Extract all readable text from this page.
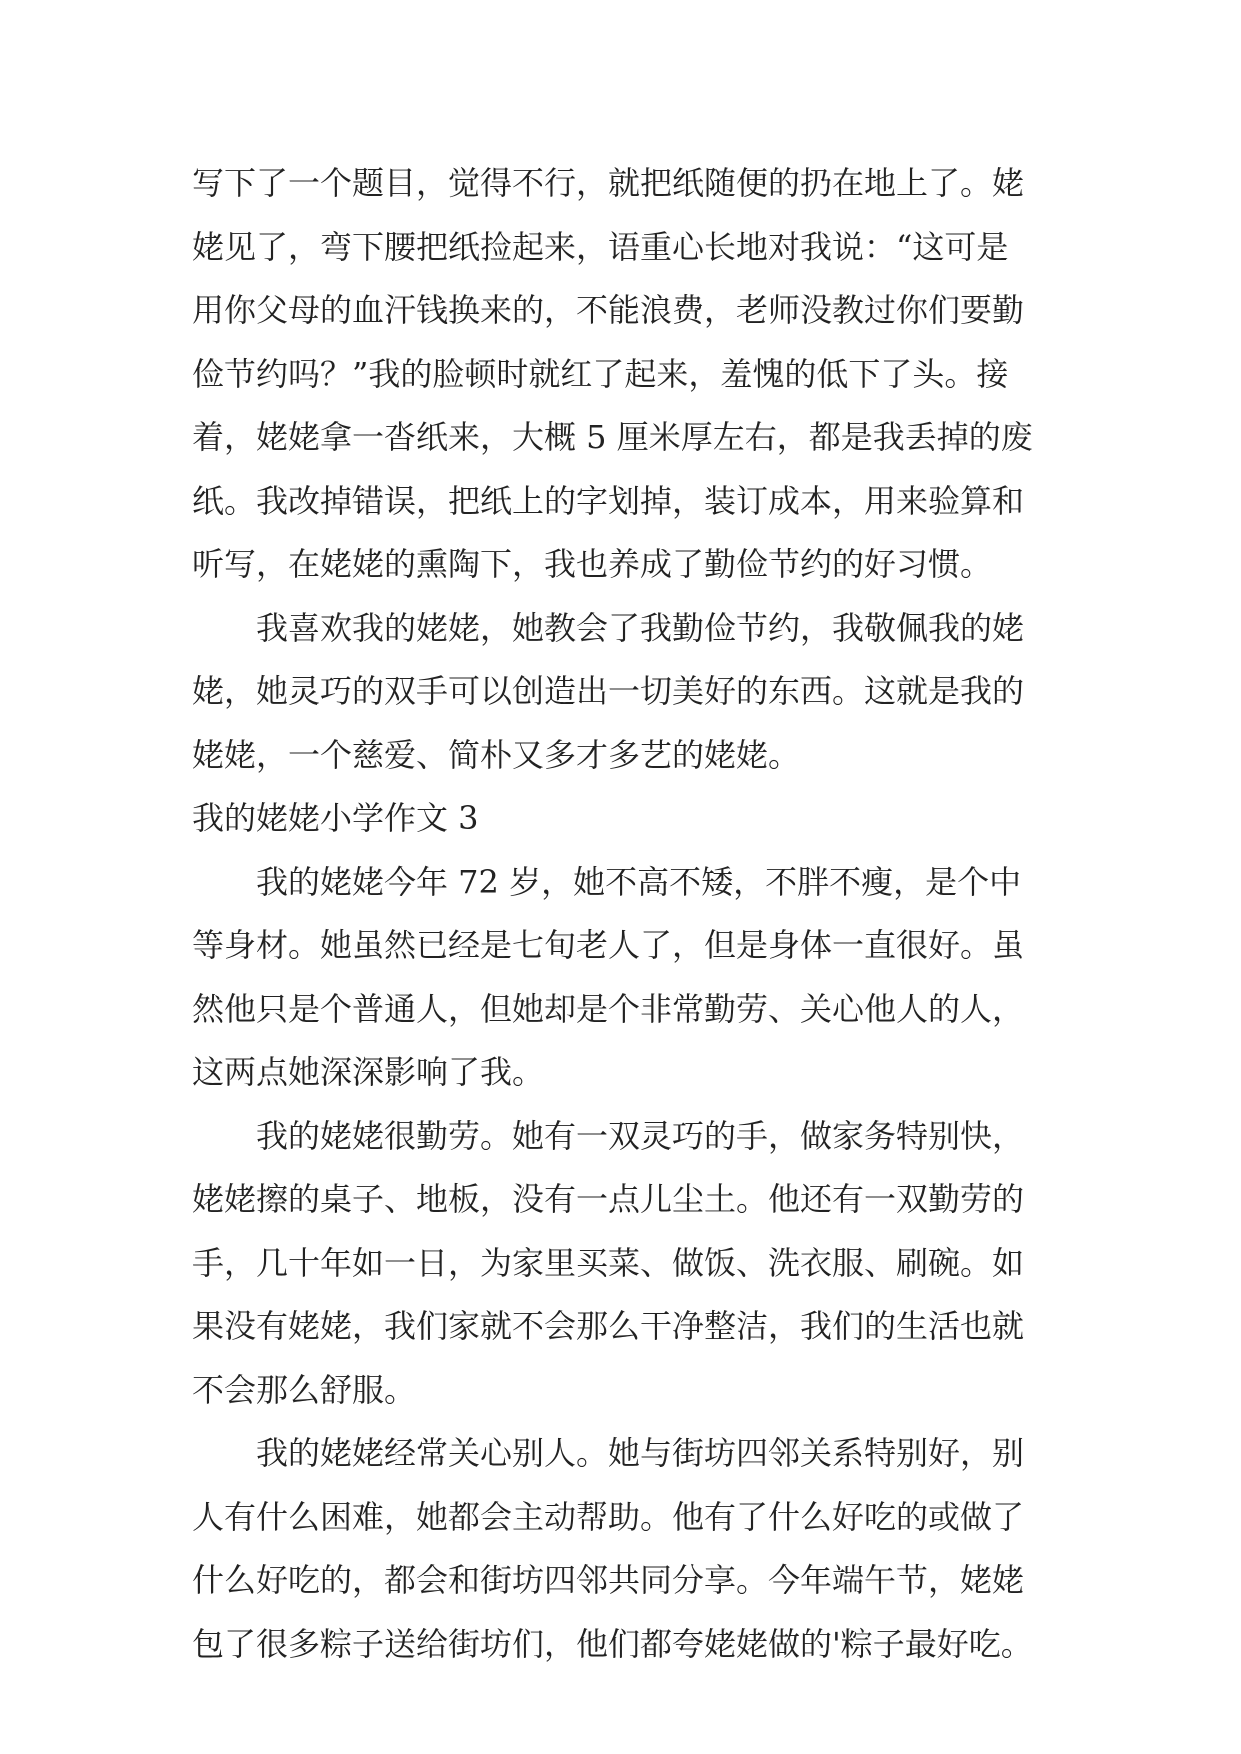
写下了一个题目，觉得不行，就把纸随便的扔在地上了。姥
姥见了，弯下腰把纸捡起来，语重心长地对我说：“这可是
用你父母的血汗钱换来的，不能浪费，老师没教过你们要勤
俭节约吗？”我的脸顿时就红了起来，羞愧的低下了头。接
着，姥姥拿一沓纸来，大概 5 厘米厚左右，都是我丢掉的废
纸。我改掉错误，把纸上的字划掉，装订成本，用来验算和
听写，在姥姥的熏陶下，我也养成了勤俭节约的好习惯。
我喜欢我的姥姥，她教会了我勤俭节约，我敬佩我的姥
姥，她灵巧的双手可以创造出一切美好的东西。这就是我的
姥姥，一个慈爱、简朴又多才多艺的姥姥。
我的姥姥小学作文 3
我的姥姥今年 72 岁，她不高不矮，不胖不瘦，是个中
等身材。她虽然已经是七旬老人了，但是身体一直很好。虽
然他只是个普通人，但她却是个非常勤劳、关心他人的人，
这两点她深深影响了我。
我的姥姥很勤劳。她有一双灵巧的手，做家务特别快，
姥姥擦的桌子、地板，没有一点儿尘土。他还有一双勤劳的
手，几十年如一日，为家里买菜、做饭、洗衣服、刷碗。如
果没有姥姥，我们家就不会那么干净整洁，我们的生活也就
不会那么舒服。
我的姥姥经常关心别人。她与街坊四邻关系特别好，别
人有什么困难，她都会主动帮助。他有了什么好吃的或做了
什么好吃的，都会和街坊四邻共同分享。今年端午节，姥姥
包了很多粽子送给街坊们，他们都夸姥姥做的'粽子最好吃。
